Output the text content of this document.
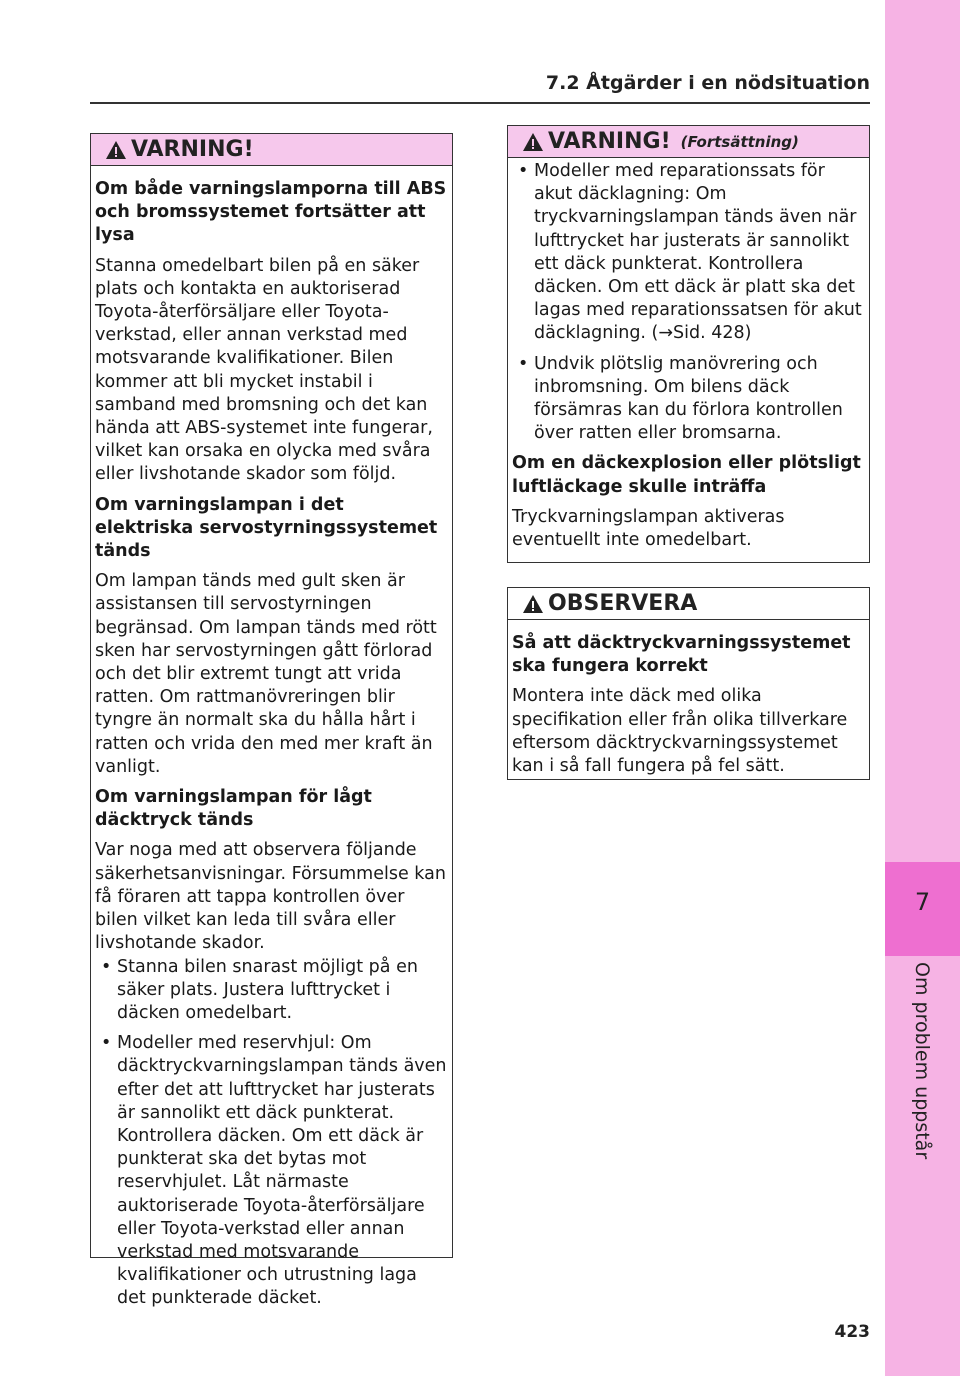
7.2 Åtgärder i en nödsituation
7
Om problem uppstår
VARNING!

Om både varningslamporna till ABS och bromssystemet fortsätter att lysa

Stanna omedelbart bilen på en säker plats och kontakta en auktoriserad Toyota-återförsäljare eller Toyota-verkstad, eller annan verkstad med motsvarande kvalifikationer. Bilen kommer att bli mycket instabil i samband med bromsning och det kan hända att ABS-systemet inte fungerar, vilket kan orsaka en olycka med svåra eller livshotande skador som följd.

Om varningslampan i det elektriska servostyrningssystemet tänds

Om lampan tänds med gult sken är assistansen till servostyrningen begränsad. Om lampan tänds med rött sken har servostyrningen gått förlorad och det blir extremt tungt att vrida ratten. Om rattmanövreringen blir tyngre än normalt ska du hålla hårt i ratten och vrida den med mer kraft än vanligt.

Om varningslampan för lågt däcktryck tänds

Var noga med att observera följande säkerhetsanvisningar. Försummelse kan få föraren att tappa kontrollen över bilen vilket kan leda till svåra eller livshotande skador.

• Stanna bilen snarast möjligt på en säker plats. Justera lufttrycket i däcken omedelbart.
• Modeller med reservhjul: Om däcktryckvarningslampan tänds även efter det att lufttrycket har justerats är sannolikt ett däck punkterat. Kontrollera däcken. Om ett däck är punkterat ska det bytas mot reservhjulet. Låt närmaste auktoriserade Toyota-återförsäljare eller Toyota-verkstad eller annan verkstad med motsvarande kvalifikationer och utrustning laga det punkterade däcket.
VARNING! (Fortsättning)
• Modeller med reparationssats för akut däcklagning: Om tryckvarningslampan tänds även när lufttrycket har justerats är sannolikt ett däck punkterat. Kontrollera däcken. Om ett däck är platt ska det lagas med reparationssatsen för akut däcklagning. (→Sid. 428)
• Undvik plötslig manövrering och inbromsning. Om bilens däck försämras kan du förlora kontrollen över ratten eller bromsarna.

Om en däckexplosion eller plötsligt luftläckage skulle inträffa

Tryckvarningslampan aktiveras eventuellt inte omedelbart.

OBSERVERA

Så att däcktryckvarningssystemet ska fungera korrekt

Montera inte däck med olika specifikation eller från olika tillverkare eftersom däcktryckvarningssystemet kan i så fall fungera på fel sätt.

423
